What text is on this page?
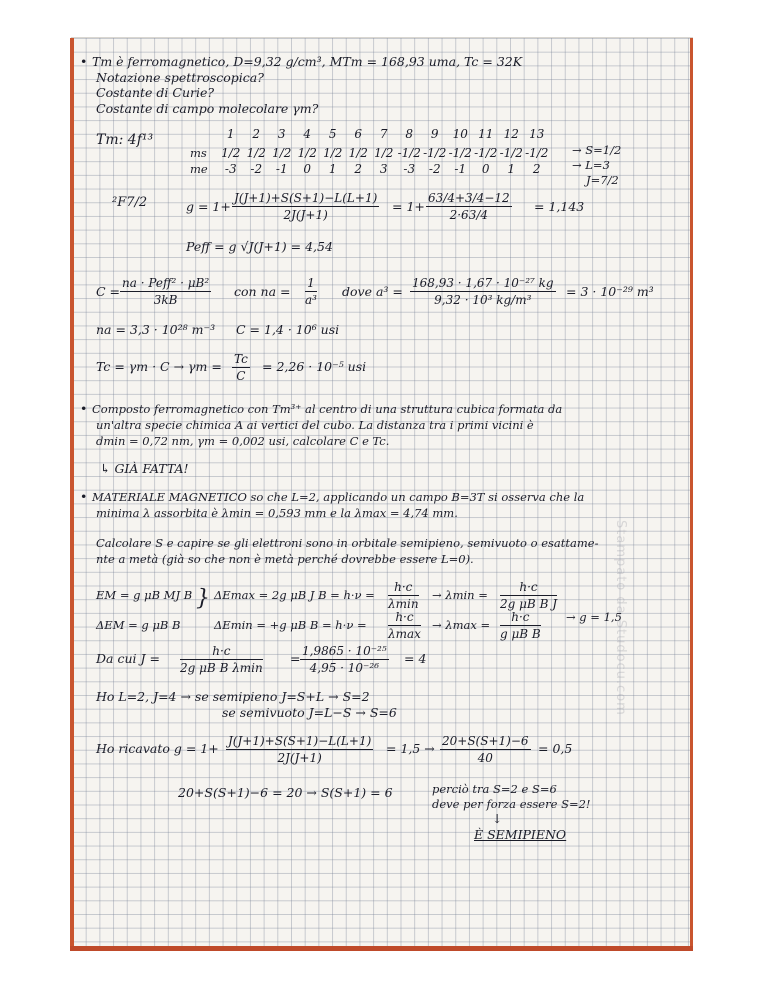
• Tm è ferromagnetico, D=9,32 g/cm³, MTm = 168,93 uma, Tc = 32K
Notazione spettroscopica?
Costante di Curie?
Costante di campo molecolare γm?
Tm: 4f¹³	1 2 3 4 5 6 7 8 9 10 11 12 13
ms 1/2 1/2 1/2 1/2 1/2 1/2 1/2 -1/2 -1/2 -1/2 -1/2 -1/2 -1/2
me	-3 -2 -1 0 1 2 3 -3 -2 -1 0 1 2
→ S=1/2
→ L=3
J=7/2
²F7/2	$g = 1+ \frac{J(J+1)+S(S+1)-L(L+1)}{2J(J+1)} = 1+ \frac{63/4+3/4-12}{2\cdot 63/4} = 1,143$
Peff = g √J(J+1) = 4,54
C =
na · Peff² · μB²
3kB
con na = $\frac{1}{\text{a³}}$ dove $a^3 = \frac{\text{168,93 · 1,67 · 10⁻²⁷ kg}}{\text{9,32 · 10³ kg/m³}} = 3 \cdot 10^{-29}$ m³
na = 3,3 · 10²⁸ m⁻³ C = 1,4 · 10⁶ usi
$Tc = \gamma m \cdot C \to \gamma m = \frac{Tc}{C} = 2,26 \cdot 10^{-5}$ usi
• Composto ferromagnetico con Tm³⁺ al centro di una struttura cubica formata da
un'altra specie chimica A ai vertici del cubo. La distanza tra i primi vicini è
dmin = 0,72 nm, γm = 0,002 usi, calcolare C e Tc.
↳ GIÀ FATTA!
• MATERIALE MAGNETICO so che L=2, applicando un campo B=3T si osserva che la
minima λ assorbita è λmin = 0,593 mm e la λmax = 4,74 mm.
Calcolare S e capire se gli elettroni sono in orbitale semipieno, semivuoto o esattame-
nte a metà (già so che non è metà perché dovrebbe essere L=0).
EM = g μB MJ B
ΔEM = g μB B
} ΔEmax = 2g μB J B = h·ν =
h·c
λmin
→ $\lambda\min = \frac{h\cdot c}{\text{2g μB B J}}$
ΔEmin = +g μB B = h·ν =
h·c
λmax
→ $\lambda\max = \frac{h\cdot c}{\text{g μB B}} \to g = 1,5$
Da cui J =	h·c
2g μB B λmin
= $\frac{\text{1,9865 · 10⁻²⁵}}{\text{4,95 · 10⁻²⁶}} = 4$
Ho L=2, J=4 → se semipieno J=S+L → S=2
se semivuoto J=L−S → S=6
Ho ricavato $g = 1+ \frac{J(J+1)+S(S+1)-L(L+1)}{2J(J+1)} = 1,5 \to \frac{20+S(S+1)-6}{40} = 0,5$
20+S(S+1)−6 = 20 → S(S+1) = 6	perciò tra S=2 e S=6
deve per forza essere S=2!
↓
È SEMIPIENO
Stampato da Studocu.com
